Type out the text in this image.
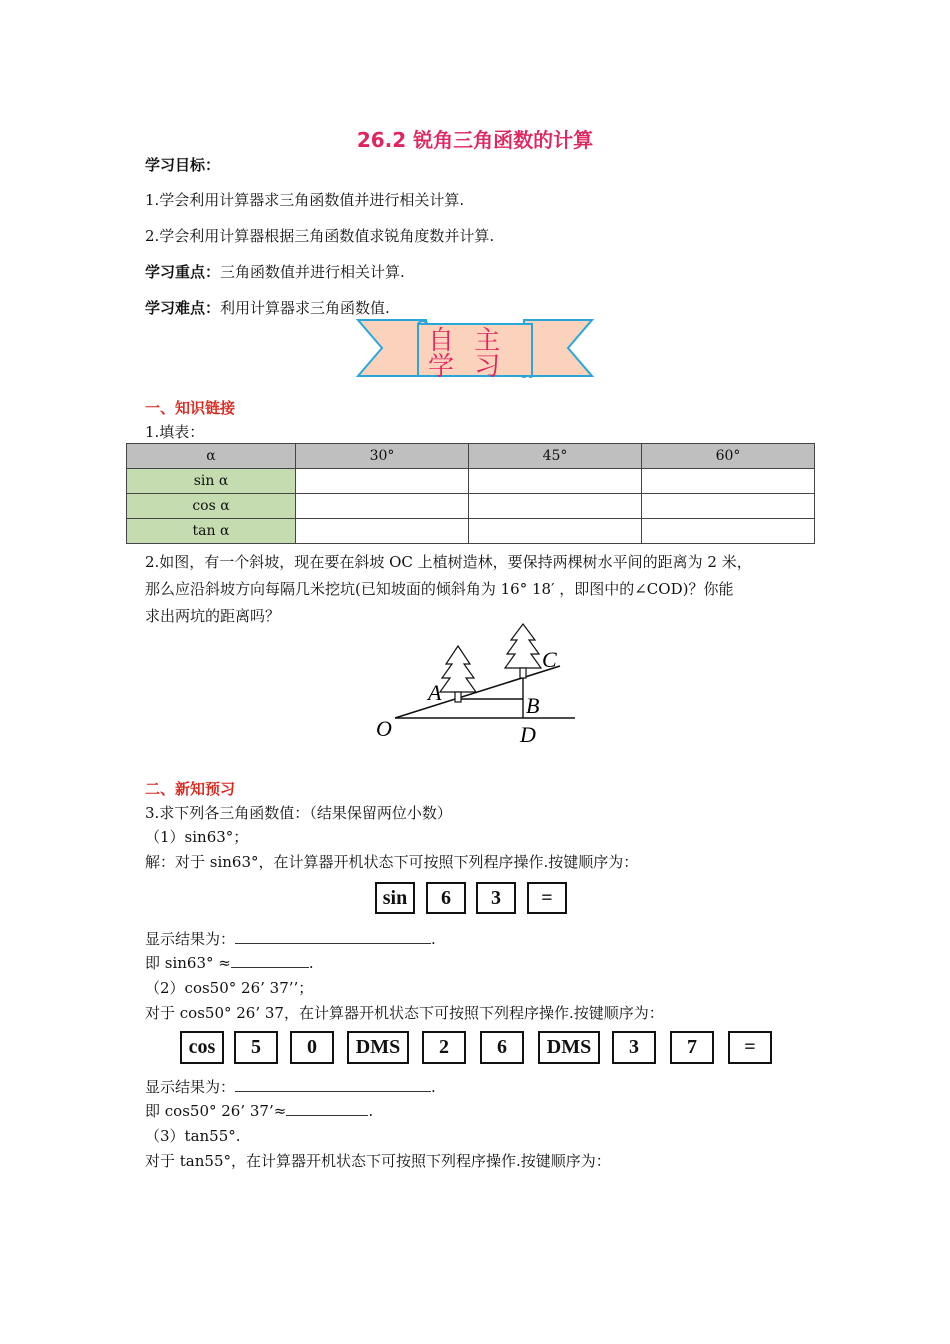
26.2 锐角三角函数的计算
学习目标：
1.学会利用计算器求三角函数值并进行相关计算.
2.学会利用计算器根据三角函数值求锐角度数并计算.
学习重点：三角函数值并进行相关计算.
学习难点：利用计算器求三角函数值.
自 主 学 习
一、知识链接
1.填表：
α	30°	45°	60°
sin α			
cos α			
tan α			
2.如图，有一个斜坡，现在要在斜坡 OC 上植树造林，要保持两棵树水平间的距离为 2 米，
那么应沿斜坡方向每隔几米挖坑(已知坡面的倾斜角为 16° 18′ ，即图中的∠COD)？你能
求出两坑的距离吗？
O
A
B
C
D
二、新知预习
3.求下列各三角函数值：（结果保留两位小数）
（1）sin63°；
解：对于 sin63°，在计算器开机状态下可按照下列程序操作.按键顺序为：
sin	6	3	=
显示结果为：	.
即 sin63° ≈	.
（2）cos50° 26’ 37’’；
对于 cos50° 26’ 37，在计算器开机状态下可按照下列程序操作.按键顺序为：
cos	5	0	DMS	2	6	DMS	3	7	=
显示结果为：	.
即 cos50° 26’ 37’≈	.
（3）tan55°.
对于 tan55°，在计算器开机状态下可按照下列程序操作.按键顺序为：
